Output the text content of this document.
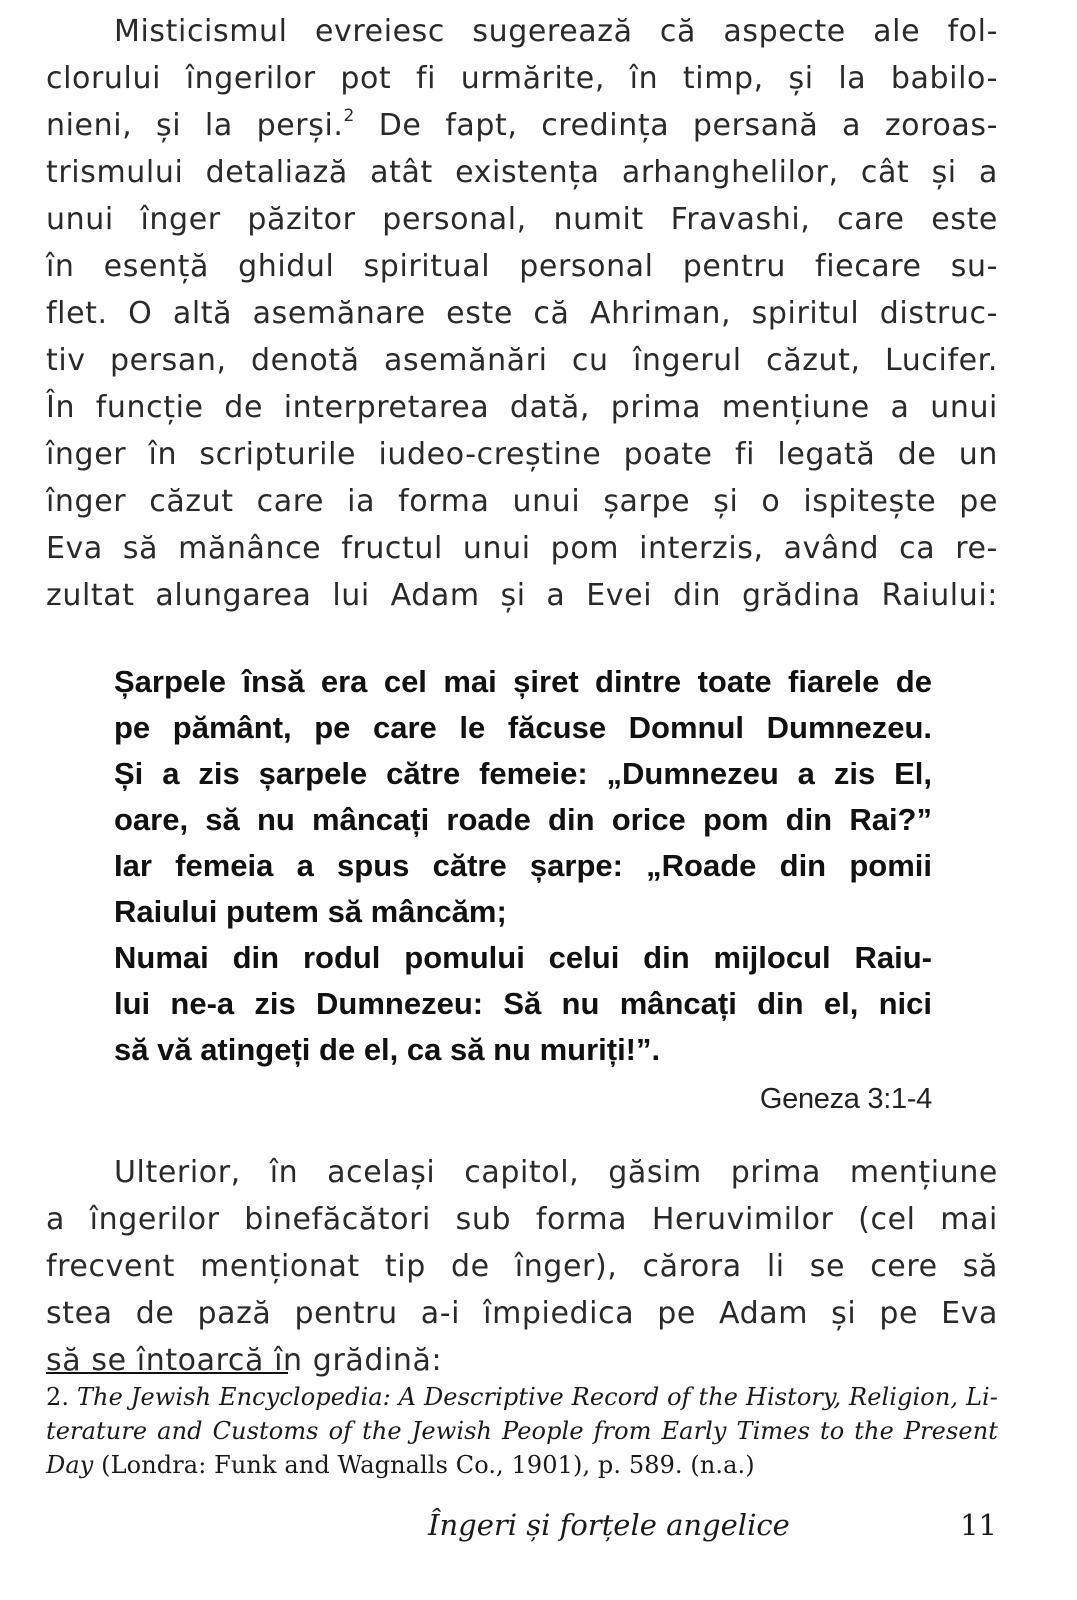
Misticismul evreiesc sugerează că aspecte ale fol-
clorului îngerilor pot fi urmărite, în timp, și la babilo-
nieni, și la perși.$^2$ De fapt, credința persană a zoroas-
trismului detaliază atât existența arhanghelilor, cât și a
unui înger păzitor personal, numit Fravashi, care este
în esență ghidul spiritual personal pentru fiecare su-
flet. O altă asemănare este că Ahriman, spiritul distruc-
tiv persan, denotă asemănări cu îngerul căzut, Lucifer.
În funcție de interpretarea dată, prima mențiune a unui
înger în scripturile iudeo-creștine poate fi legată de un
înger căzut care ia forma unui șarpe și o ispitește pe
Eva să mănânce fructul unui pom interzis, având ca re-
zultat alungarea lui Adam și a Evei din grădina Raiului:
Șarpele însă era cel mai șiret dintre toate fiarele de
pe pământ, pe care le făcuse Domnul Dumnezeu.
Și a zis șarpele către femeie: „Dumnezeu a zis El,
oare, să nu mâncați roade din orice pom din Rai?”
Iar femeia a spus către șarpe: „Roade din pomii
Raiului putem să mâncăm;
Numai din rodul pomului celui din mijlocul Raiu-
lui ne-a zis Dumnezeu: Să nu mâncați din el, nici
să vă atingeți de el, ca să nu muriți!”.
Geneza 3:1-4
Ulterior, în același capitol, găsim prima mențiune
a îngerilor binefăcători sub forma Heruvimilor (cel mai
frecvent menționat tip de înger), cărora li se cere să
stea de pază pentru a-i împiedica pe Adam și pe Eva
să se întoarcă în grădină:
2. The Jewish Encyclopedia: A Descriptive Record of the History, Religion, Li-
terature and Customs of the Jewish People from Early Times to the Present
Day (Londra: Funk and Wagnalls Co., 1901), p. 589. (n.a.)
Îngeri și forțele angelice	11
